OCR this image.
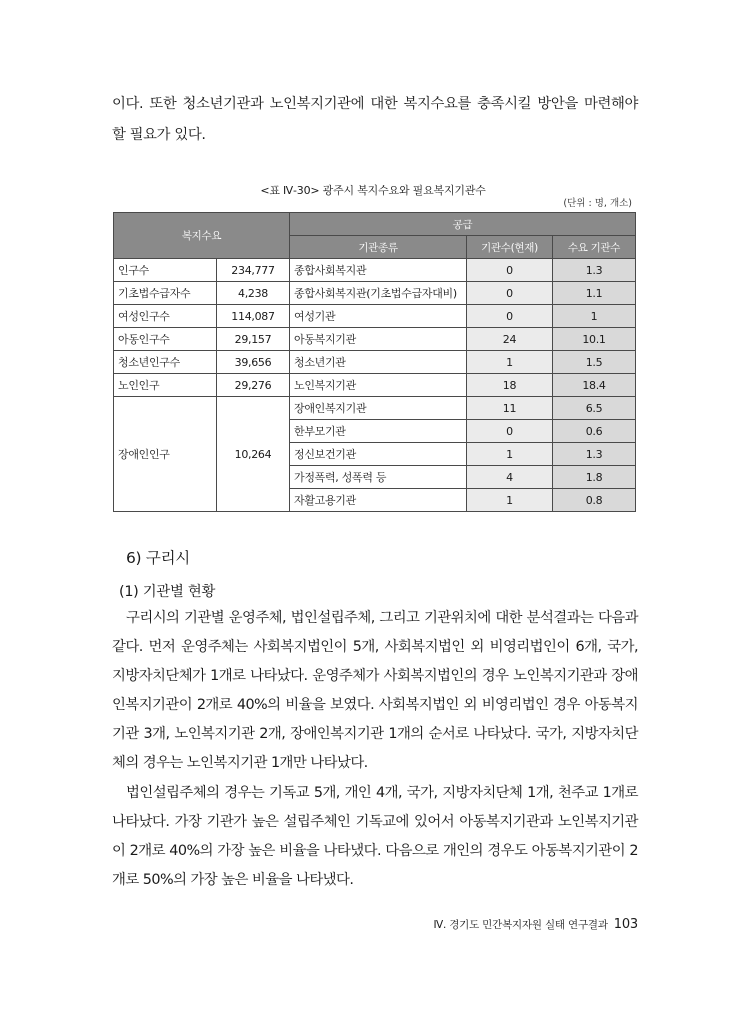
이다. 또한 청소년기관과 노인복지기관에 대한 복지수요를 충족시킬 방안을 마련해야 할 필요가 있다.

<표 Ⅳ-30> 광주시 복지수요와 필요복지기관수
(단위 : 명, 개소)
복지수요		공급		
		기관종류	기관수(현재)	수요 기관수
인구수	234,777	종합사회복지관	0	1.3
기초법수급자수	4,238	종합사회복지관(기초법수급자대비)	0	1.1
여성인구수	114,087	여성기관	0	1
아동인구수	29,157	아동복지기관	24	10.1
청소년인구수	39,656	청소년기관	1	1.5
노인인구	29,276	노인복지기관	18	18.4
장애인인구	10,264	장애인복지기관	11	6.5
		한부모기관	0	0.6
		정신보건기관	1	1.3
		가정폭력, 성폭력 등	4	1.8
		자활고용기관	1	0.8
6) 구리시
(1) 기관별 현황

구리시의 기관별 운영주체, 법인설립주체, 그리고 기관위치에 대한 분석결과는 다음과 같다. 먼저 운영주체는 사회복지법인이 5개, 사회복지법인 외 비영리법인이 6개, 국가, 지방자치단체가 1개로 나타났다. 운영주체가 사회복지법인의 경우 노인복지기관과 장애인복지기관이 2개로 40%의 비율을 보였다. 사회복지법인 외 비영리법인 경우 아동복지기관 3개, 노인복지기관 2개, 장애인복지기관 1개의 순서로 나타났다. 국가, 지방자치단체의 경우는 노인복지기관 1개만 나타났다.

법인설립주체의 경우는 기독교 5개, 개인 4개, 국가, 지방자치단체 1개, 천주교 1개로 나타났다. 가장 기관가 높은 설립주체인 기독교에 있어서 아동복지기관과 노인복지기관이 2개로 40%의 가장 높은 비율을 나타냈다. 다음으로 개인의 경우도 아동복지기관이 2개로 50%의 가장 높은 비율을 나타냈다.

Ⅳ. 경기도 민간복지자원 실태 연구결과 103
